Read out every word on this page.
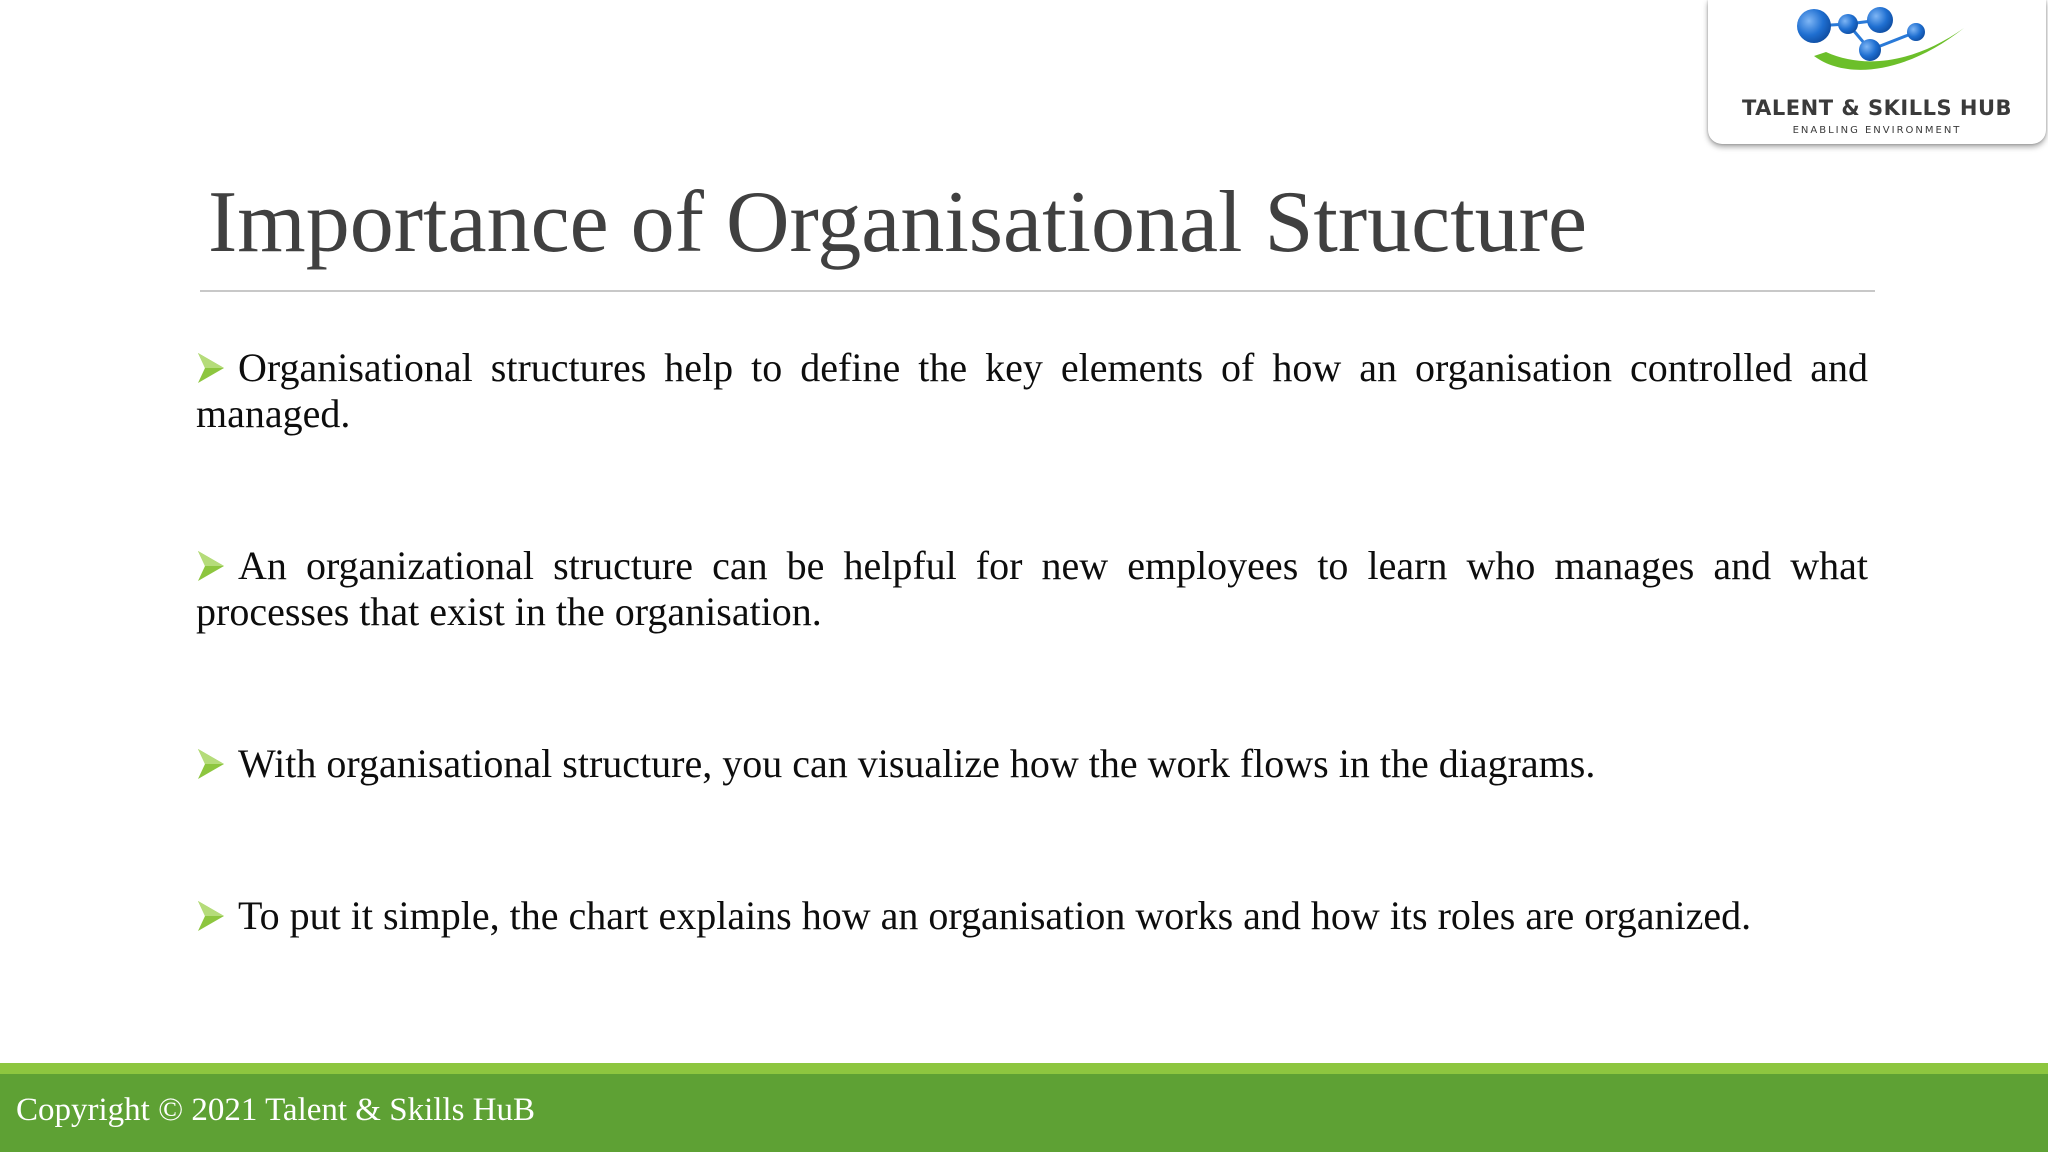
TALENT & SKILLS HUB
ENABLING ENVIRONMENT
Importance of Organisational Structure
Organisational structures help to define the key elements of how an organisation controlled and managed.
An organizational structure can be helpful for new employees to learn who manages and what processes that exist in the organisation.
With organisational structure, you can visualize how the work flows in the diagrams.
To put it simple, the chart explains how an organisation works and how its roles are organized.
Copyright © 2021 Talent & Skills HuB
